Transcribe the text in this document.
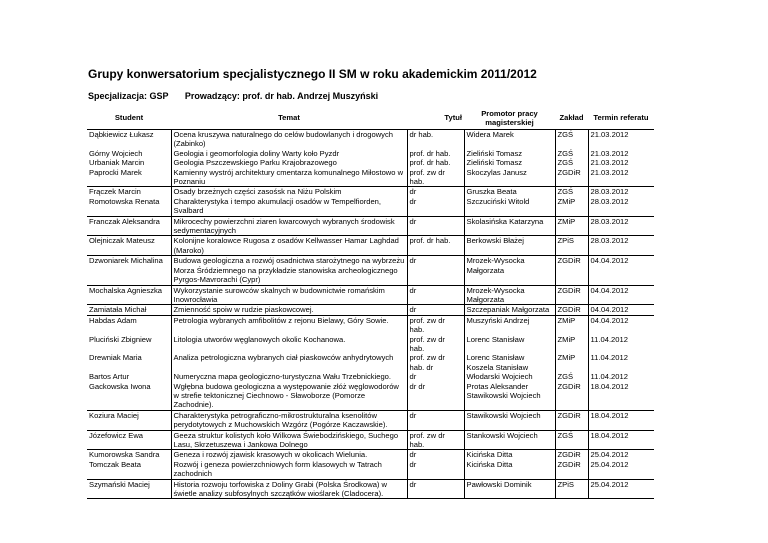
Grupy konwersatorium specjalistycznego II SM w roku akademickim 2011/2012
Specjalizacja: GSP Prowadzący: prof. dr hab. Andrzej Muszyński
Student	Temat	Tytuł	Promotor pracy magisterskiej	Zakład	Termin referatu
Dąbkiewicz Łukasz	Ocena kruszywa naturalnego do celów budowlanych i drogowych (Zabinko)	dr hab.	Widera Marek	ZGŚ	21.03.2012
Górny Wojciech	Geologia i geomorfologia doliny Warty koło Pyzdr	prof. dr hab.	Zieliński Tomasz	ZGŚ	21.03.2012
Urbaniak Marcin	Geologia Pszczewskiego Parku Krajobrazowego	prof. dr hab.	Zieliński Tomasz	ZGŚ	21.03.2012
Paprocki Marek	Kamienny wystrój architektury cmentarza komunalnego Miłostowo w Poznaniu	prof. zw dr hab.	Skoczylas Janusz	ZGDiR	21.03.2012
Frączek Marcin	Osady brzeżnych części zasośsk na Niżu Polskim	dr	Gruszka Beata	ZGŚ	28.03.2012
Romotowska Renata	Charakterystyka i tempo akumulacji osadów w Tempelfiorden, Svalbard	dr	Szczuciński Witold	ZMiP	28.03.2012
Franczak Aleksandra	Mikrocechy powierzchni ziaren kwarcowych wybranych środowisk sedymentacyjnych	dr	Skolasińska Katarzyna	ZMiP	28.03.2012
Olejniczak Mateusz	Kolonijne koralowce Rugosa z osadów Kellwasser Hamar Laghdad (Maroko)	prof. dr hab.	Berkowski Błażej	ZPiS	28.03.2012
Dzwoniarek Michalina	Budowa geologiczna a rozwój osadnictwa starożytnego na wybrzeżu Morza Śródziemnego na przykładzie stanowiska archeologicznego Pyrgos-Mavrorachi (Cypr)	dr	Mrozek-Wysocka Małgorzata	ZGDiR	04.04.2012
Mochalska Agnieszka	Wykorzystanie surowców skalnych w budownictwie romańskim Inowrocławia	dr	Mrozek-Wysocka Małgorzata	ZGDiR	04.04.2012
Zamiatała Michał	Zmienność spoiw w rudzie piaskowcowej.	dr	Szczepaniak Małgorzata	ZGDiR	04.04.2012
Habdas Adam	Petrologia wybranych amfibolitów z rejonu Bielawy, Góry Sowie.	prof. zw dr hab.	Muszyński Andrzej	ZMiP	04.04.2012
Pluciński Zbigniew	Litologia utworów węglanowych okolic Kochanowa.	prof. zw dr hab.	Lorenc Stanisław	ZMiP	11.04.2012
Drewniak Maria	Analiza petrologiczna wybranych ciał piaskowców anhydrytowych	prof. zw dr hab. dr	Lorenc Stanisław Koszela Stanisław	ZMiP	11.04.2012
Bartos Artur	Numeryczna mapa geologiczno-turystyczna Wału Trzebnickiego.	dr	Włodarski Wojciech	ZGŚ	11.04.2012
Gackowska Iwona	Wgłębna budowa geologiczna a występowanie złóż węglowodorów w strefie tektonicznej Ciechnowo - Sławoborze (Pomorze Zachodnie).	dr dr	Protas Aleksander Stawikowski Wojciech	ZGDiR	18.04.2012
Koziura Maciej	Charakterystyka petrograficzno-mikrostrukturalna ksenolitów perydotytowych z Muchowskich Wzgórz (Pogórze Kaczawskie).	dr	Stawikowski Wojciech	ZGDiR	18.04.2012
Józefowicz Ewa	Geeza struktur kolistych koło Wilkowa Świebodzińskiego, Suchego Lasu, Skrzetuszewa i Jankowa Dolnego	prof. zw dr hab.	Stankowski Wojciech	ZGŚ	18.04.2012
Kumorowska Sandra	Geneza i rozwój zjawisk krasowych w okolicach Wielunia.	dr	Kicińska Ditta	ZGDiR	25.04.2012
Tomczak Beata	Rozwój i geneza powierzchniowych form klasowych w Tatrach zachodnich	dr	Kicińska Ditta	ZGDiR	25.04.2012
Szymański Maciej	Historia rozwoju torfowiska z Doliny Grabi (Polska Środkowa) w świetle analizy subfosylnych szczątków wioślarek (Cladocera).	dr	Pawłowski Dominik	ZPiS	25.04.2012
